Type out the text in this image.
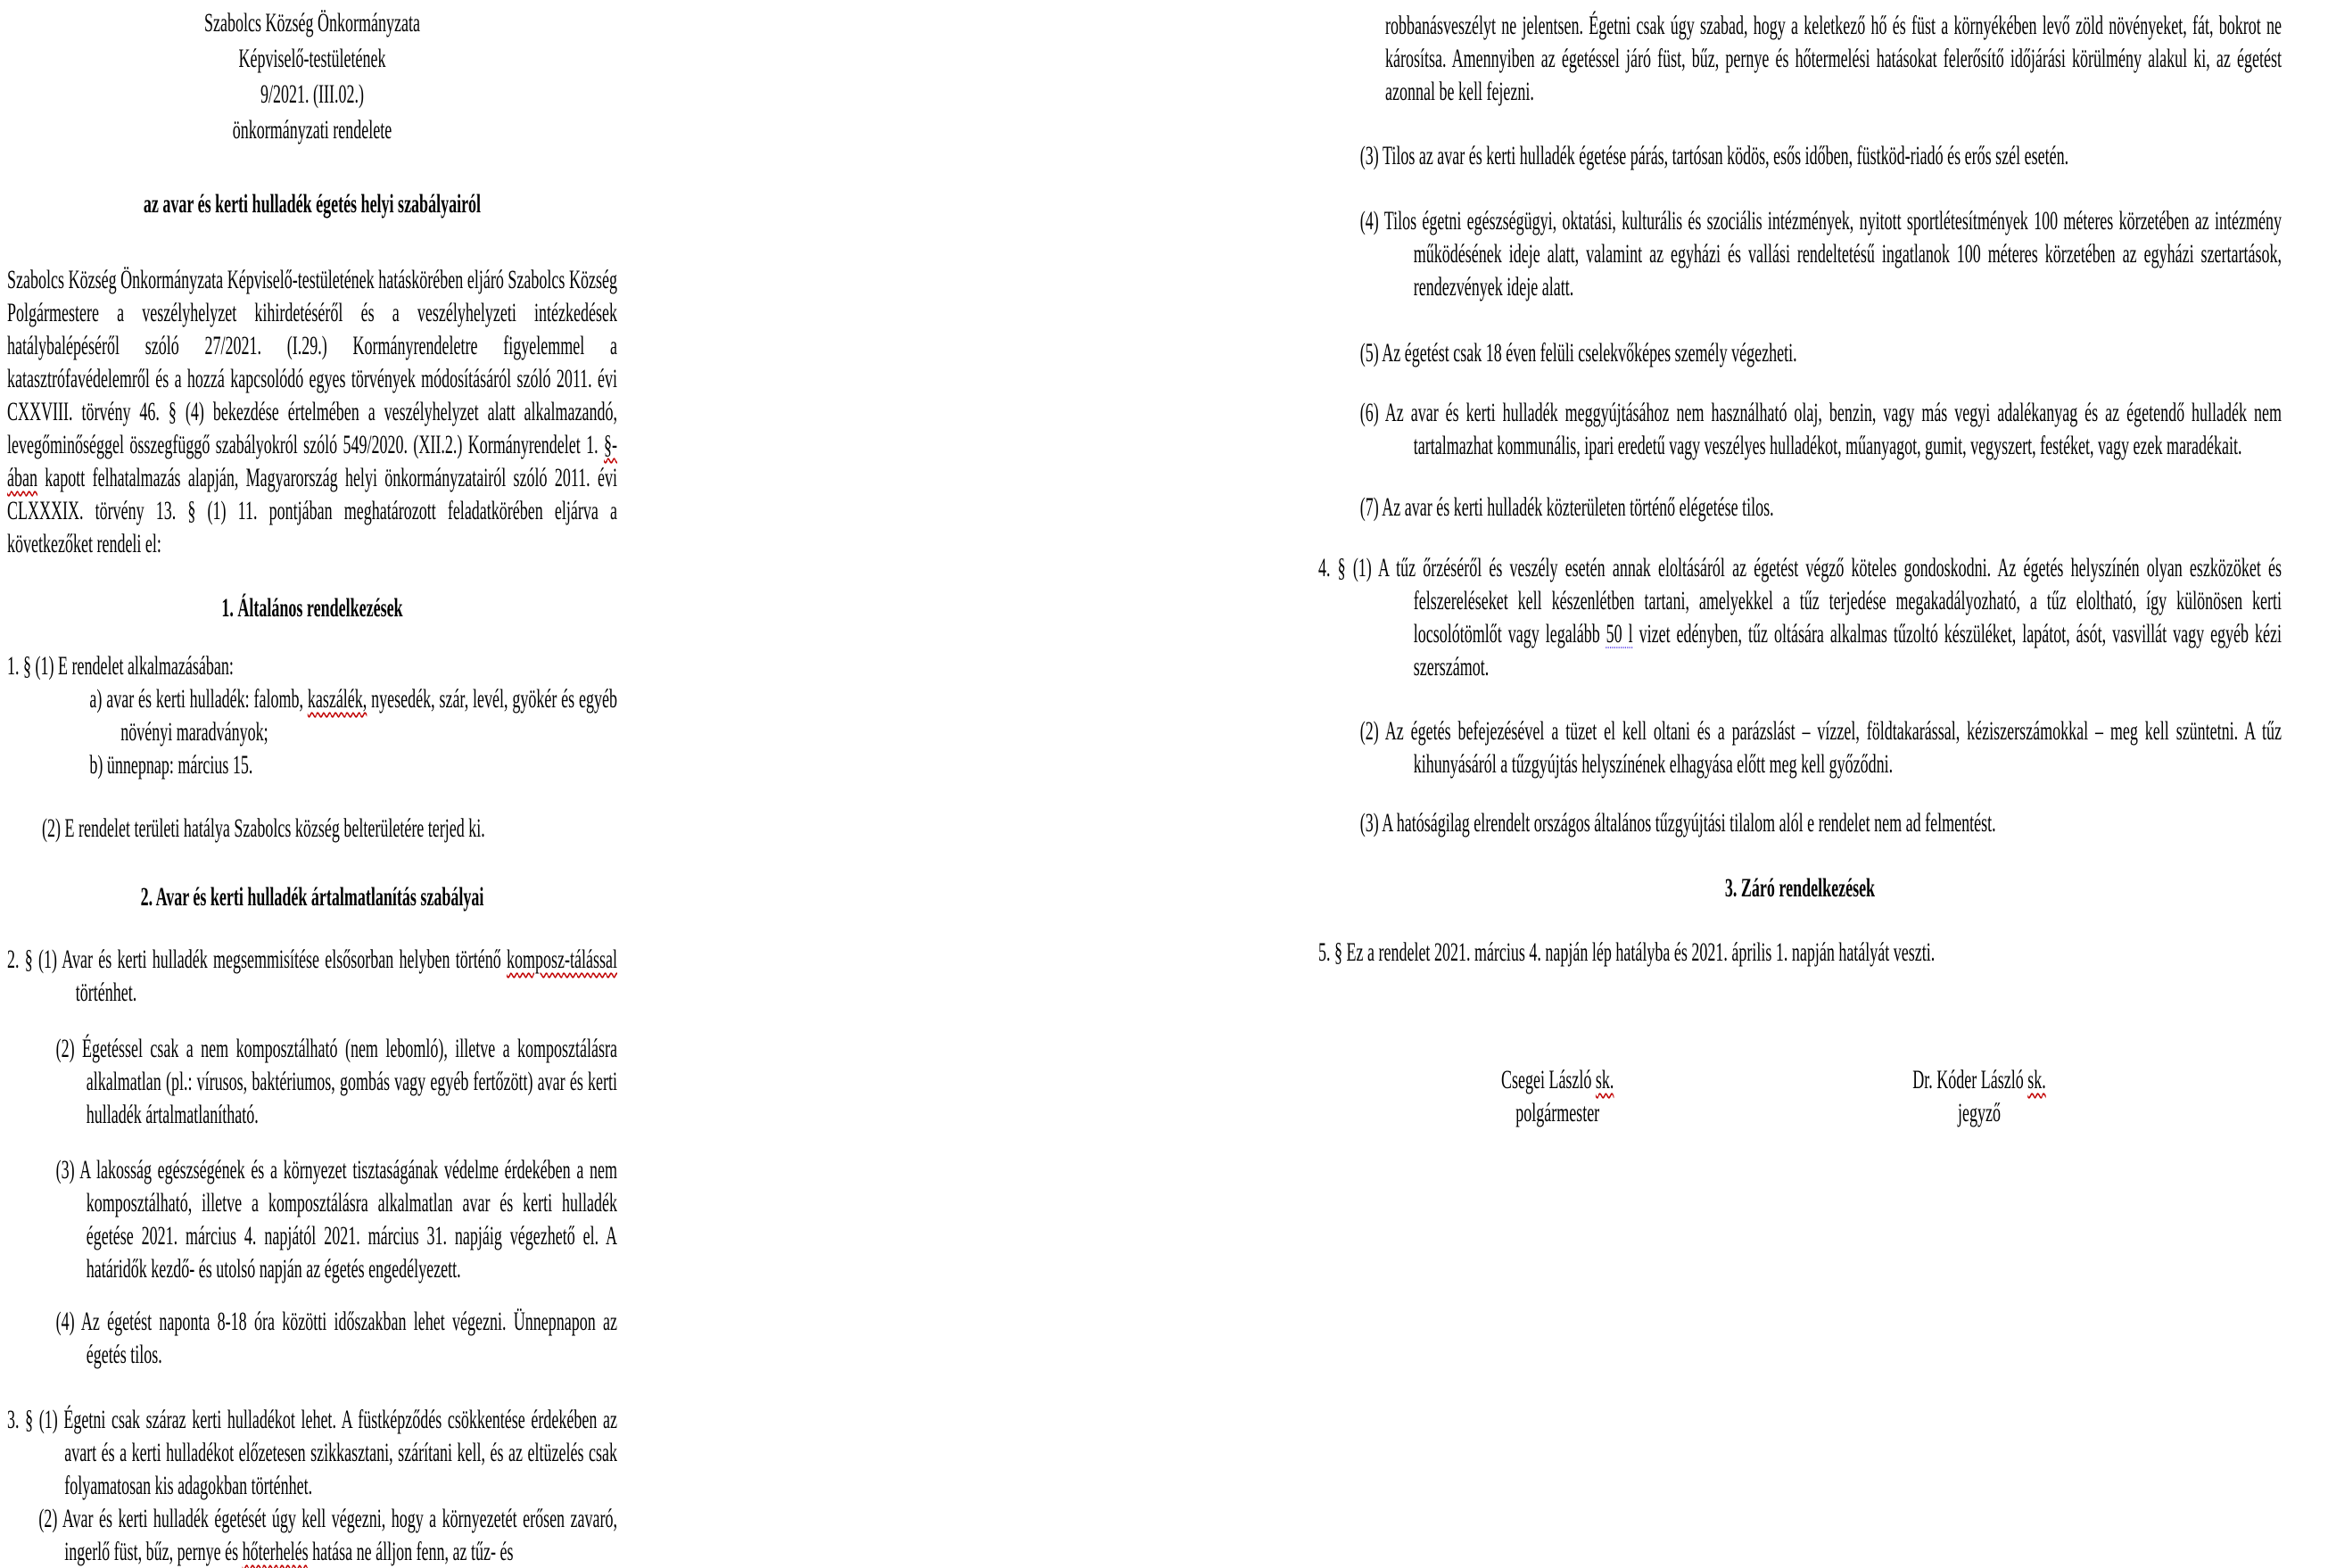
Szabolcs Község Önkormányzata

Képviselő-testületének

9/2021. (III.02.)

önkormányzati rendelete

az avar és kerti hulladék égetés helyi szabályairól

Szabolcs Község Önkormányzata Képviselő-testületének hatáskörében eljáró Szabolcs Község Polgármestere a veszélyhelyzet kihirdetéséről és a veszélyhelyzeti intézkedések hatálybalépéséről szóló 27/2021. (I.29.) Kormányrendeletre figyelemmel a katasztrófavédelemről és a hozzá kapcsolódó egyes törvények módosításáról szóló 2011. évi CXXVIII. törvény 46. § (4) bekezdése értelmében a veszélyhelyzet alatt alkalmazandó, levegőminőséggel összegfüggő szabályokról szóló 549/2020. (XII.2.) Kormányrendelet 1. §-ában kapott felhatalmazás alapján, Magyarország helyi önkormányzatairól szóló 2011. évi CLXXXIX. törvény 13. § (1) 11. pontjában meghatározott feladatkörében eljárva a következőket rendeli el:

1. Általános rendelkezések

1. § (1) E rendelet alkalmazásában:

a) avar és kerti hulladék: falomb, kaszálék, nyesedék, szár, levél, gyökér és egyéb növényi maradványok;

b) ünnepnap: március 15.

(2) E rendelet területi hatálya Szabolcs község belterületére terjed ki.

2. Avar és kerti hulladék ártalmatlanítás szabályai

2. § (1) Avar és kerti hulladék megsemmisítése elsősorban helyben történő komposz-tálással történhet.

(2) Égetéssel csak a nem komposztálható (nem lebomló), illetve a komposztálásra alkalmatlan (pl.: vírusos, baktériumos, gombás vagy egyéb fertőzött) avar és kerti hulladék ártalmatlanítható.

(3) A lakosság egészségének és a környezet tisztaságának védelme érdekében a nem komposztálható, illetve a komposztálásra alkalmatlan avar és kerti hulladék égetése 2021. március 4. napjától 2021. március 31. napjáig végezhető el. A határidők kezdő- és utolsó napján az égetés engedélyezett.

(4) Az égetést naponta 8-18 óra közötti időszakban lehet végezni. Ünnepnapon az égetés tilos.

3. § (1) Égetni csak száraz kerti hulladékot lehet. A füstképződés csökkentése érdekében az avart és a kerti hulladékot előzetesen szikkasztani, szárítani kell, és az eltüzelés csak folyamatosan kis adagokban történhet.

(2) Avar és kerti hulladék égetését úgy kell végezni, hogy a környezetét erősen zavaró, ingerlő füst, bűz, pernye és hőterhelés hatása ne álljon fenn, az tűz- és

robbanásveszélyt ne jelentsen. Égetni csak úgy szabad, hogy a keletkező hő és füst a környékében levő zöld növényeket, fát, bokrot ne károsítsa. Amennyiben az égetéssel járó füst, bűz, pernye és hőtermelési hatásokat felerősítő időjárási körülmény alakul ki, az égetést azonnal be kell fejezni.

(3) Tilos az avar és kerti hulladék égetése párás, tartósan ködös, esős időben, füstköd-riadó és erős szél esetén.

(4) Tilos égetni egészségügyi, oktatási, kulturális és szociális intézmények, nyitott sportlétesítmények 100 méteres körzetében az intézmény működésének ideje alatt, valamint az egyházi és vallási rendeltetésű ingatlanok 100 méteres körzetében az egyházi szertartások, rendezvények ideje alatt.

(5) Az égetést csak 18 éven felüli cselekvőképes személy végezheti.

(6) Az avar és kerti hulladék meggyújtásához nem használható olaj, benzin, vagy más vegyi adalékanyag és az égetendő hulladék nem tartalmazhat kommunális, ipari eredetű vagy veszélyes hulladékot, műanyagot, gumit, vegyszert, festéket, vagy ezek maradékait.

(7) Az avar és kerti hulladék közterületen történő elégetése tilos.

4. § (1) A tűz őrzéséről és veszély esetén annak eloltásáról az égetést végző köteles gondoskodni. Az égetés helyszínén olyan eszközöket és felszereléseket kell készenlétben tartani, amelyekkel a tűz terjedése megakadályozható, a tűz eloltható, így különösen kerti locsolótömlőt vagy legalább 50 l vizet edényben, tűz oltására alkalmas tűzoltó készüléket, lapátot, ásót, vasvillát vagy egyéb kézi szerszámot.

(2) Az égetés befejezésével a tüzet el kell oltani és a parázslást – vízzel, földtakarással, kéziszerszámokkal – meg kell szüntetni. A tűz kihunyásáról a tűzgyújtás helyszínének elhagyása előtt meg kell győződni.

(3) A hatóságilag elrendelt országos általános tűzgyújtási tilalom alól e rendelet nem ad felmentést.

3. Záró rendelkezések

5. § Ez a rendelet 2021. március 4. napján lép hatályba és 2021. április 1. napján hatályát veszti.

Csegei László sk.
polgármester
Dr. Kóder László sk.
jegyző
